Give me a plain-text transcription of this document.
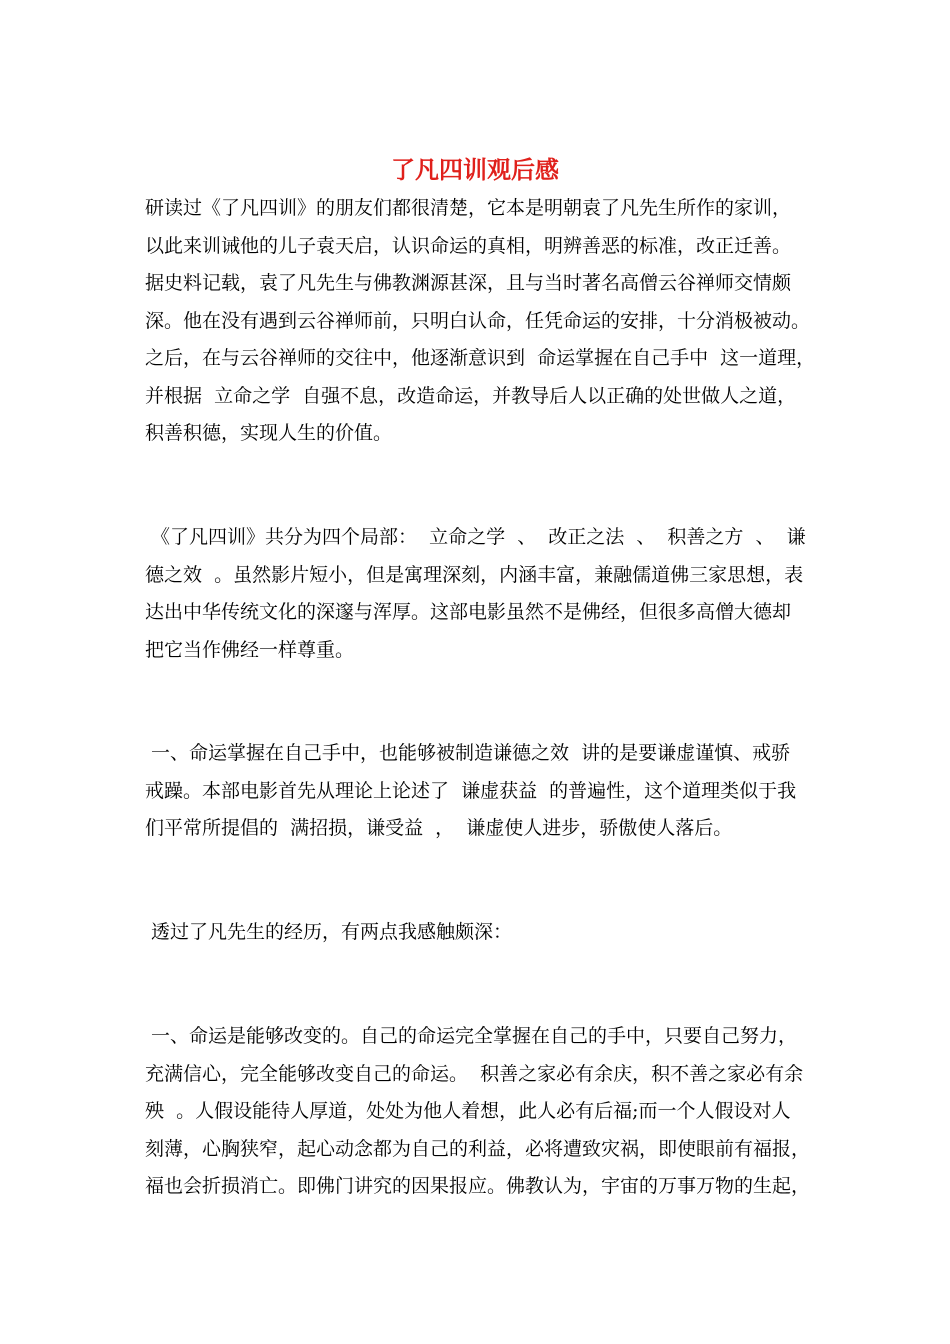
了凡四训观后感
研读过《了凡四训》的朋友们都很清楚，它本是明朝袁了凡先生所作的家训，
以此来训诫他的儿子袁天启，认识命运的真相，明辨善恶的标准，改正迁善。
据史料记载，袁了凡先生与佛教渊源甚深，且与当时著名高僧云谷禅师交情颇
深。他在没有遇到云谷禅师前，只明白认命，任凭命运的安排，十分消极被动。
之后，在与云谷禅师的交往中，他逐渐意识到  命运掌握在自己手中  这一道理，
并根据  立命之学  自强不息，改造命运，并教导后人以正确的处世做人之道，
积善积德，实现人生的价值。
《了凡四训》共分为四个局部：  立命之学  、  改正之法  、  积善之方  、  谦
德之效  。虽然影片短小，但是寓理深刻，内涵丰富，兼融儒道佛三家思想，表
达出中华传统文化的深邃与浑厚。这部电影虽然不是佛经，但很多高僧大德却
把它当作佛经一样尊重。
一、命运掌握在自己手中，也能够被制造谦德之效  讲的是要谦虚谨慎、戒骄
戒躁。本部电影首先从理论上论述了  谦虚获益  的普遍性，这个道理类似于我
们平常所提倡的  满招损，谦受益  ，  谦虚使人进步，骄傲使人落后。
透过了凡先生的经历，有两点我感触颇深：
一、命运是能够改变的。自己的命运完全掌握在自己的手中，只要自己努力，
充满信心，完全能够改变自己的命运。  积善之家必有余庆，积不善之家必有余
殃  。人假设能待人厚道，处处为他人着想，此人必有后福;而一个人假设对人
刻薄，心胸狭窄，起心动念都为自己的利益，必将遭致灾祸，即使眼前有福报，
福也会折损消亡。即佛门讲究的因果报应。佛教认为，宇宙的万事万物的生起，
